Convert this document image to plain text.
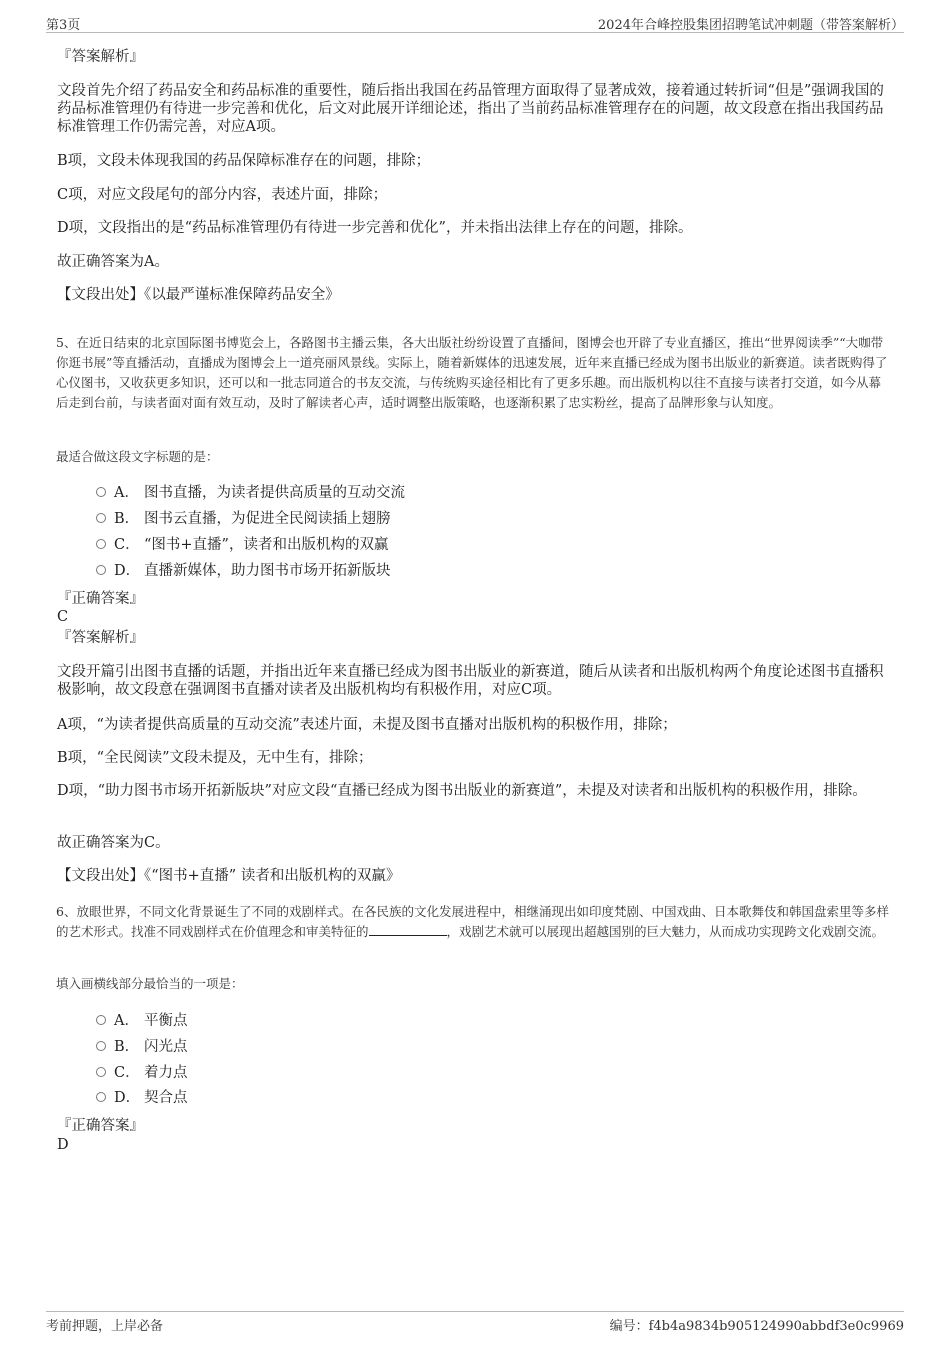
第3页	2024年合峰控股集团招聘笔试冲刺题（带答案解析）
『答案解析』
文段首先介绍了药品安全和药品标准的重要性，随后指出我国在药品管理方面取得了显著成效，接着通过转折词“但是”强调我国的药品标准管理仍有待进一步完善和优化，后文对此展开详细论述，指出了当前药品标准管理存在的问题，故文段意在指出我国药品标准管理工作仍需完善，对应A项。
B项，文段未体现我国的药品保障标准存在的问题，排除；
C项，对应文段尾句的部分内容，表述片面，排除；
D项，文段指出的是“药品标准管理仍有待进一步完善和优化”，并未指出法律上存在的问题，排除。
故正确答案为A。
【文段出处】《以最严谨标准保障药品安全》
5、在近日结束的北京国际图书博览会上，各路图书主播云集，各大出版社纷纷设置了直播间，图博会也开辟了专业直播区，推出“世界阅读季”“大咖带你逛书展”等直播活动，直播成为图博会上一道亮丽风景线。实际上，随着新媒体的迅速发展，近年来直播已经成为图书出版业的新赛道。读者既购得了心仪图书，又收获更多知识，还可以和一批志同道合的书友交流，与传统购买途径相比有了更多乐趣。而出版机构以往不直接与读者打交道，如今从幕后走到台前，与读者面对面有效互动，及时了解读者心声，适时调整出版策略，也逐渐积累了忠实粉丝，提高了品牌形象与认知度。
最适合做这段文字标题的是：
A． 图书直播，为读者提供高质量的互动交流
B． 图书云直播，为促进全民阅读插上翅膀
C． “图书+直播”，读者和出版机构的双赢
D． 直播新媒体，助力图书市场开拓新版块
『正确答案』
C
『答案解析』
文段开篇引出图书直播的话题，并指出近年来直播已经成为图书出版业的新赛道，随后从读者和出版机构两个角度论述图书直播积极影响，故文段意在强调图书直播对读者及出版机构均有积极作用，对应C项。
A项，“为读者提供高质量的互动交流”表述片面，未提及图书直播对出版机构的积极作用，排除；
B项，“全民阅读”文段未提及，无中生有，排除；
D项，“助力图书市场开拓新版块”对应文段“直播已经成为图书出版业的新赛道”，未提及对读者和出版机构的积极作用，排除。
故正确答案为C。
【文段出处】《“图书+直播” 读者和出版机构的双赢》
6、放眼世界，不同文化背景诞生了不同的戏剧样式。在各民族的文化发展进程中，相继涌现出如印度梵剧、中国戏曲、日本歌舞伎和韩国盘索里等多样的艺术形式。找准不同戏剧样式在价值理念和审美特征的	，戏剧艺术就可以展现出超越国别的巨大魅力，从而成功实现跨文化戏剧交流。
填入画横线部分最恰当的一项是：
A． 平衡点
B． 闪光点
C． 着力点
D． 契合点
『正确答案』
D
考前押题，上岸必备	编号：f4b4a9834b905124990abbdf3e0c9969
